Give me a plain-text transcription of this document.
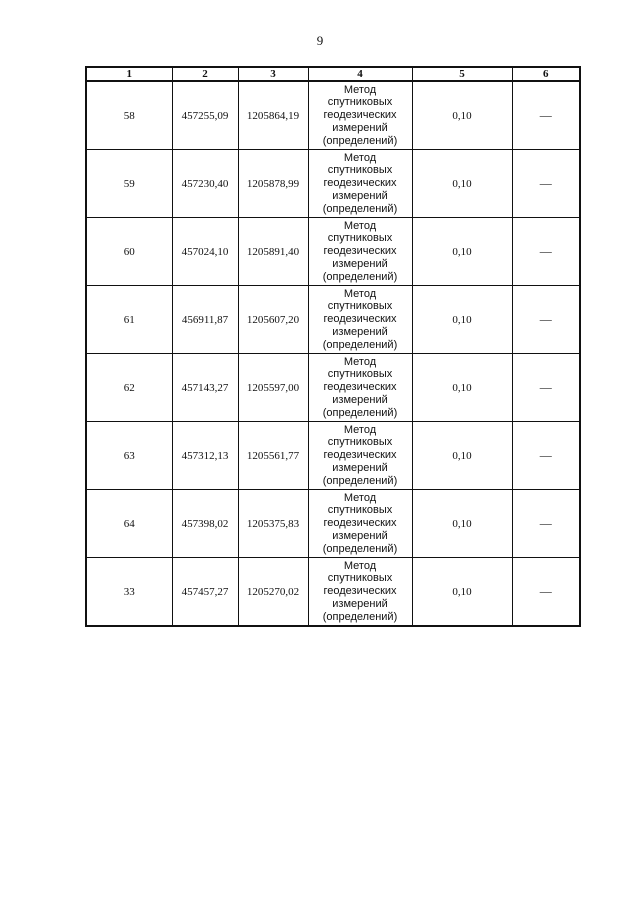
9
1	2	3	4	5	6
58	457255,09	1205864,19	Метод
спутниковых
геодезических
измерений
(определений)	0,10	—
59	457230,40	1205878,99	Метод
спутниковых
геодезических
измерений
(определений)	0,10	—
60	457024,10	1205891,40	Метод
спутниковых
геодезических
измерений
(определений)	0,10	—
61	456911,87	1205607,20	Метод
спутниковых
геодезических
измерений
(определений)	0,10	—
62	457143,27	1205597,00	Метод
спутниковых
геодезических
измерений
(определений)	0,10	—
63	457312,13	1205561,77	Метод
спутниковых
геодезических
измерений
(определений)	0,10	—
64	457398,02	1205375,83	Метод
спутниковых
геодезических
измерений
(определений)	0,10	—
33	457457,27	1205270,02	Метод
спутниковых
геодезических
измерений
(определений)	0,10	—
